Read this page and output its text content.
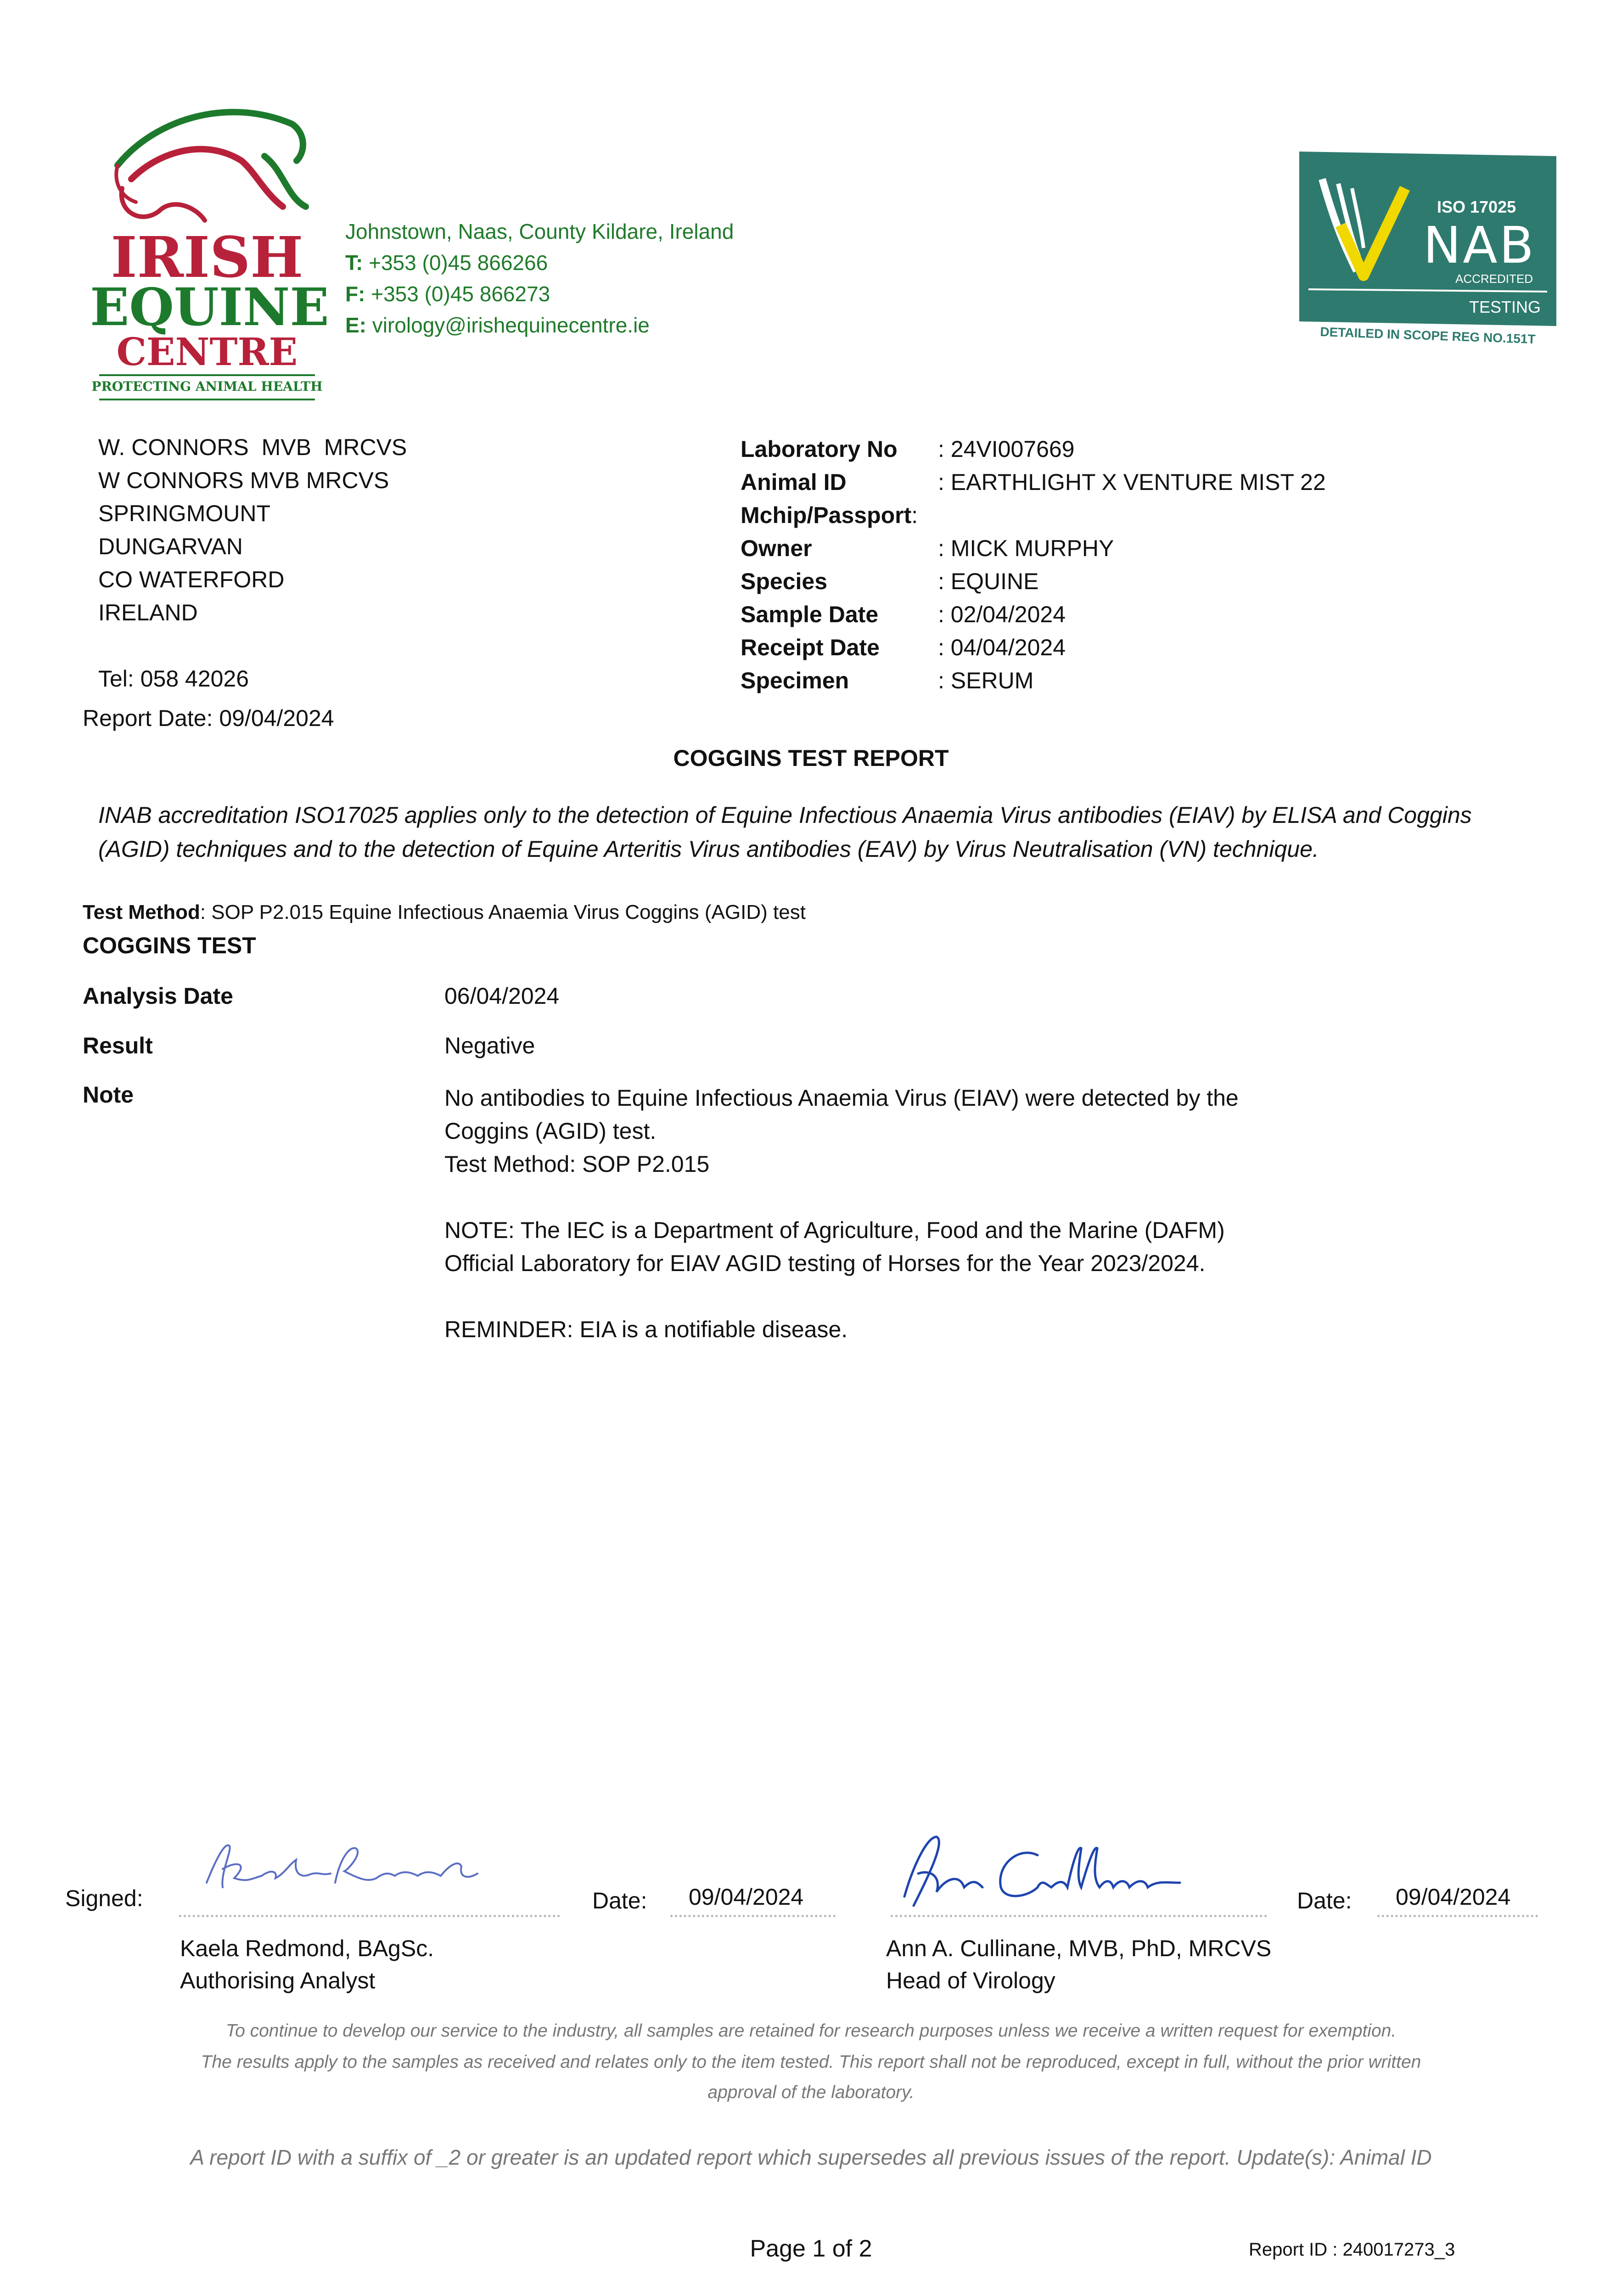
IRISH
EQUINE
CENTRE
PROTECTING ANIMAL HEALTH
Johnstown, Naas, County Kildare, Ireland
T: +353 (0)45 866266
F: +353 (0)45 866273
E: virology@irishequinecentre.ie
ISO 17025
NAB
ACCREDITED
TESTING
DETAILED IN SCOPE REG NO.151T
W. CONNORS  MVB  MRCVS
W CONNORS MVB MRCVS
SPRINGMOUNT
DUNGARVAN
CO WATERFORD
IRELAND
Tel: 058 42026
Laboratory No	: 24VI007669
Animal ID	: EARTHLIGHT X VENTURE MIST 22
Mchip/Passport :
Owner	: MICK MURPHY
Species	: EQUINE
Sample Date	: 02/04/2024
Receipt Date	: 04/04/2024
Specimen	: SERUM
Report Date: 09/04/2024
COGGINS TEST REPORT
INAB accreditation ISO17025 applies only to the detection of Equine Infectious Anaemia Virus antibodies (EIAV) by ELISA and Coggins (AGID) techniques and to the detection of Equine Arteritis Virus antibodies (EAV) by Virus Neutralisation (VN) technique.
Test Method: SOP P2.015 Equine Infectious Anaemia Virus Coggins (AGID) test
COGGINS TEST
Analysis Date	06/04/2024
Result	Negative
Note	No antibodies to Equine Infectious Anaemia Virus (EIAV) were detected by the Coggins (AGID) test.
Test Method: SOP P2.015

NOTE: The IEC is a Department of Agriculture, Food and the Marine (DAFM) Official Laboratory for EIAV AGID testing of Horses for the Year 2023/2024.

REMINDER: EIA is a notifiable disease.

Signed:	Date: 09/04/2024	Date: 09/04/2024
Kaela Redmond, BAgSc.
Authorising Analyst
Ann A. Cullinane, MVB, PhD, MRCVS
Head of Virology
To continue to develop our service to the industry, all samples are retained for research purposes unless we receive a written request for exemption.
The results apply to the samples as received and relates only to the item tested. This report shall not be reproduced, except in full, without the prior written approval of the laboratory.
A report ID with a suffix of _2 or greater is an updated report which supersedes all previous issues of the report. Update(s): Animal ID
Page 1 of 2	Report ID : 240017273_3
